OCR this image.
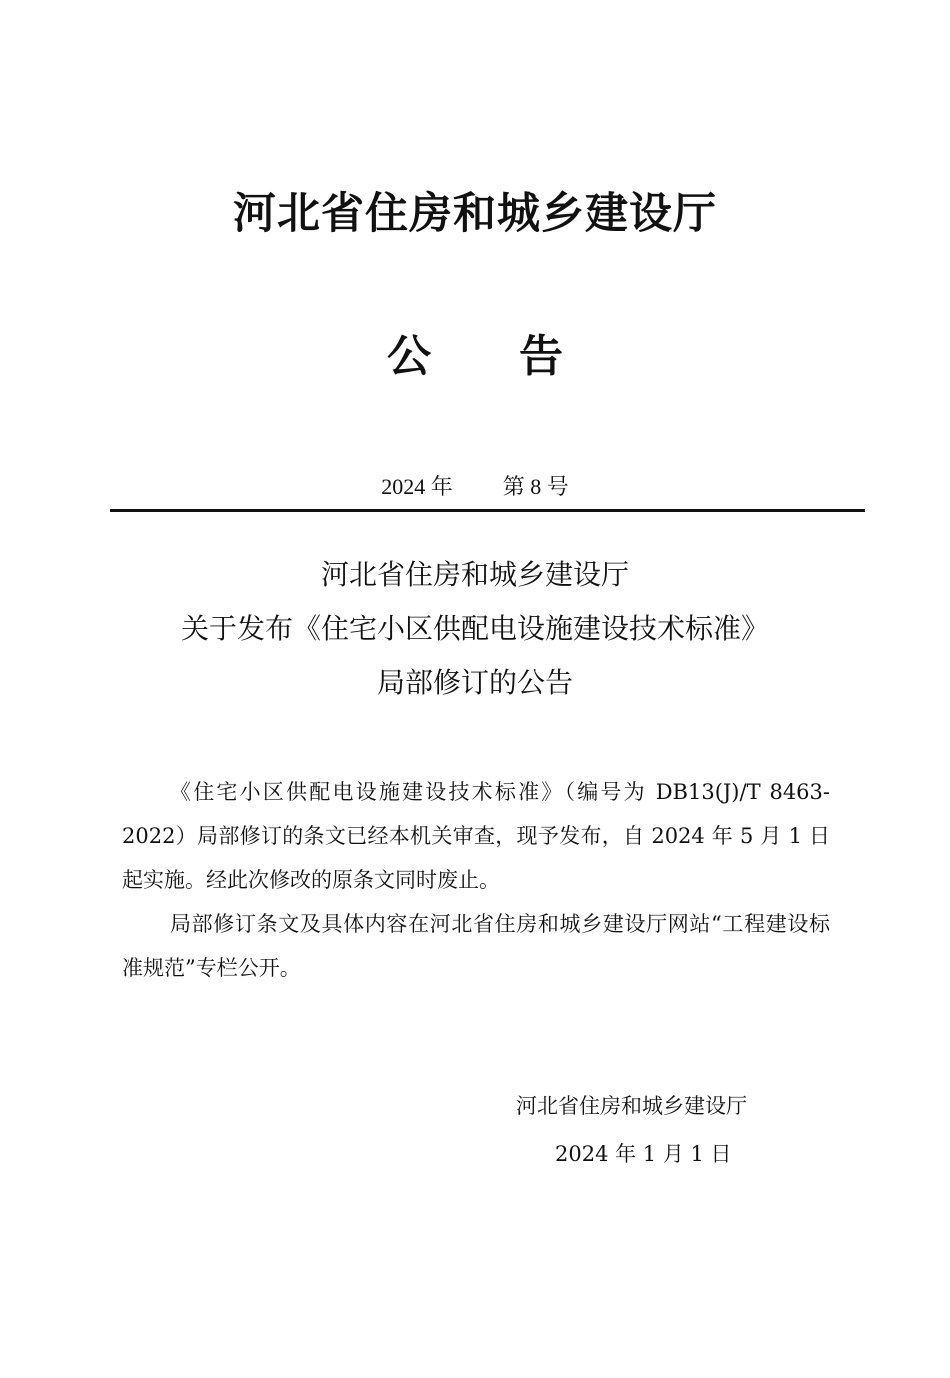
河北省住房和城乡建设厅
公 告
2024 年 第 8 号
河北省住房和城乡建设厅
关于发布《住宅小区供配电设施建设技术标准》
局部修订的公告

《住宅小区供配电设施建设技术标准》（编号为 DB13(J)/T 8463-2022）局部修订的条文已经本机关审查，现予发布，自 2024 年 5 月 1 日起实施。经此次修改的原条文同时废止。

局部修订条文及具体内容在河北省住房和城乡建设厅网站“工程建设标准规范”专栏公开。

河北省住房和城乡建设厅
2024 年 1 月 1 日
